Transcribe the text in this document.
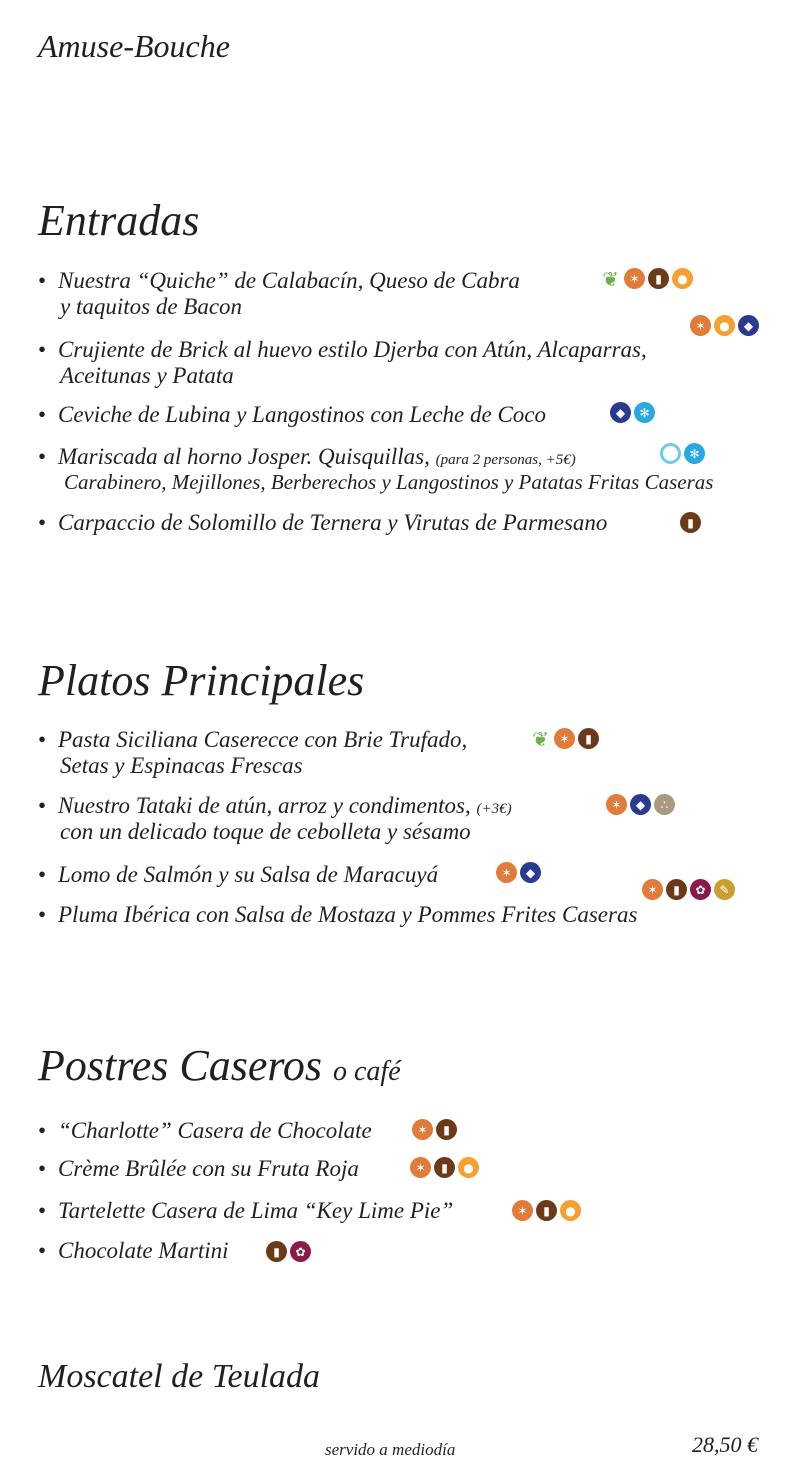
Amuse-Bouche
Entradas
Platos Principales
Postres Caseros o café
Moscatel de Teulada
• Nuestra “Quiche” de Calabacín, Queso de Cabra
y taquitos de Bacon
❦ ✶	▮	●
• Crujiente de Brick al huevo estilo Djerba con Atún, Alcaparras,
Aceitunas y Patata
✶	●	◆
• Ceviche de Lubina y Langostinos con Leche de Coco	◆	✻
• Mariscada al horno Josper. Quisquillas, (para 2 personas, +5€)
Carabinero, Mejillones, Berberechos y Langostinos y Patatas Fritas Caseras
✻
• Carpaccio de Solomillo de Ternera y Virutas de Parmesano	▮
• Pasta Siciliana Caserecce con Brie Trufado,
Setas y Espinacas Frescas
❦ ✶	▮
• Nuestro Tataki de atún, arroz y condimentos, (+3€)
con un delicado toque de cebolleta y sésamo
✶	◆	∴
• Lomo de Salmón y su Salsa de Maracuyá	✶	◆
• Pluma Ibérica con Salsa de Mostaza y Pommes Frites Caseras
✶	▮	✿	✎
• “Charlotte” Casera de Chocolate	✶	▮
• Crème Brûlée con su Fruta Roja	✶	▮	●
• Tartelette Casera de Lima “Key Lime Pie”	✶	▮	●
• Chocolate Martini	▮	✿
servido a mediodía	28,50 €
